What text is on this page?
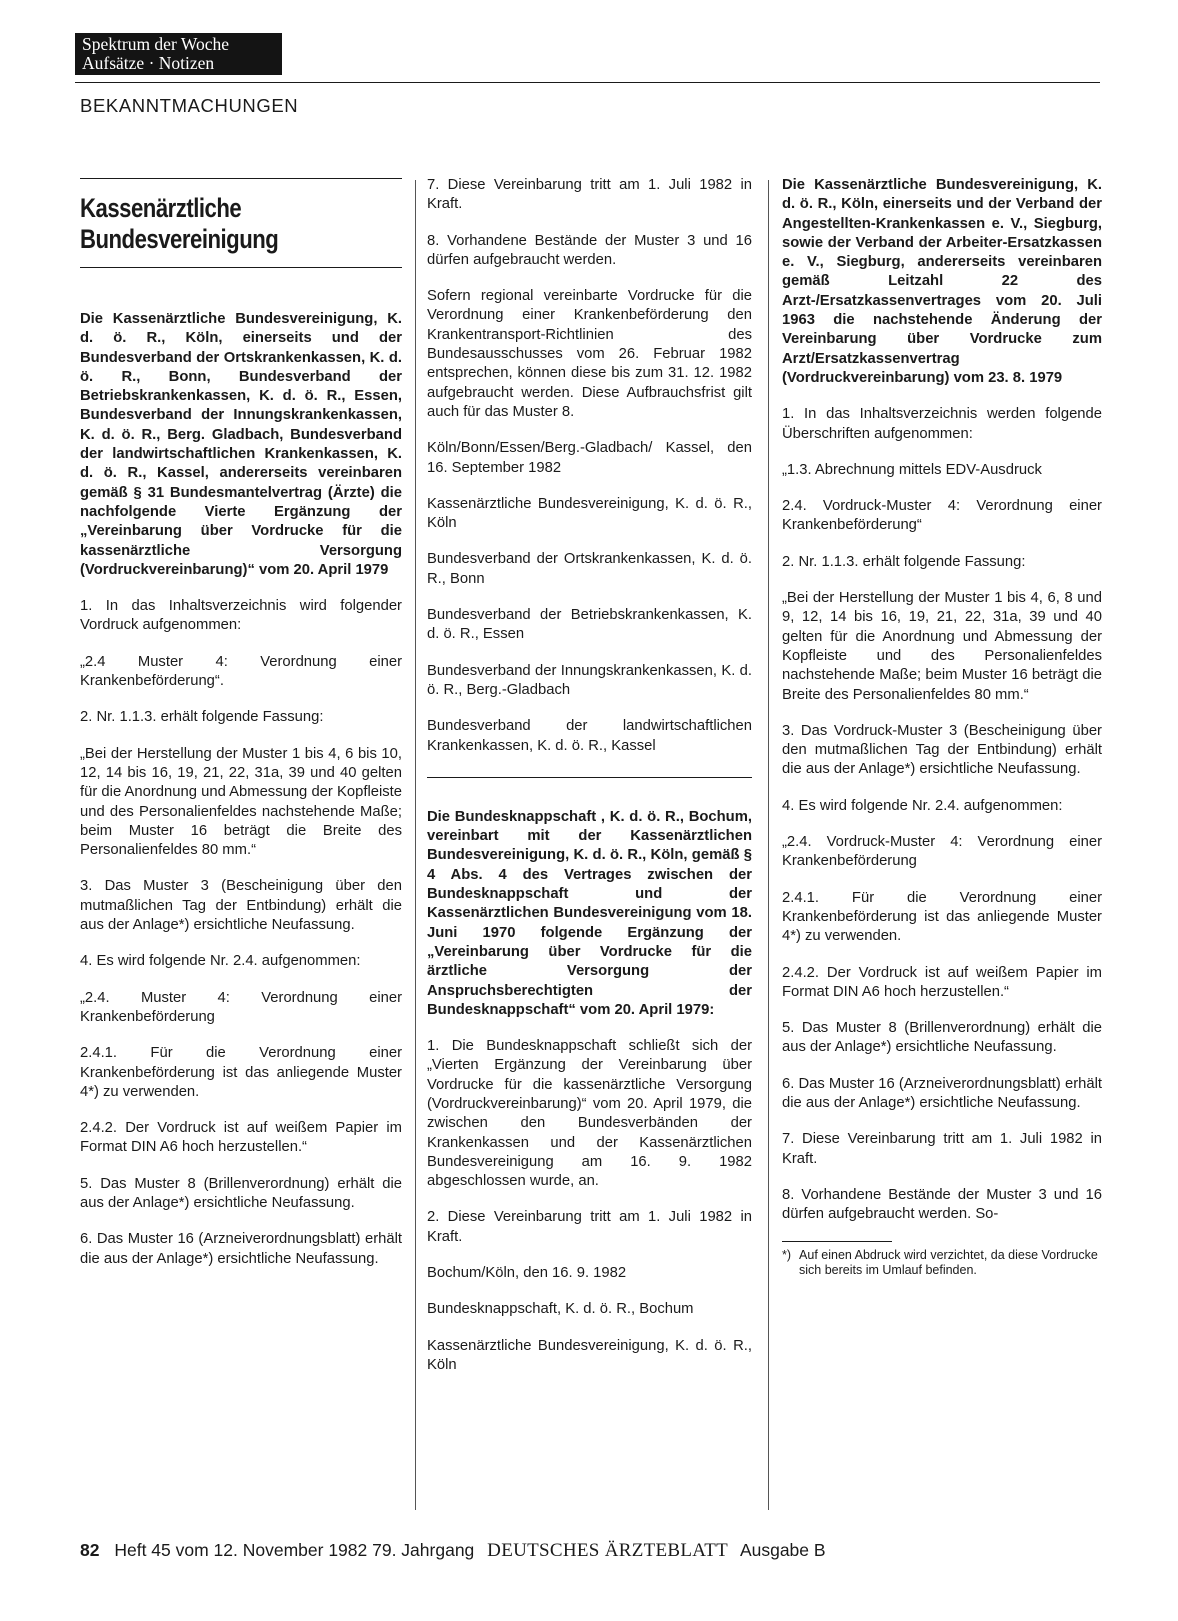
Spektrum der Woche
Aufsätze · Notizen
BEKANNTMACHUNGEN
Kassenärztliche
Bundesvereinigung
Die Kassenärztliche Bundesvereinigung, K. d. ö. R., Köln, einerseits und der Bundesverband der Ortskrankenkassen, K. d. ö. R., Bonn, Bundesverband der Betriebskrankenkassen, K. d. ö. R., Essen, Bundesverband der Innungskrankenkassen, K. d. ö. R., Berg. Gladbach, Bundesverband der landwirtschaftlichen Krankenkassen, K. d. ö. R., Kassel, andererseits vereinbaren gemäß § 31 Bundesmantelvertrag (Ärzte) die nachfolgende Vierte Ergänzung der „Vereinbarung über Vordrucke für die kassenärztliche Versorgung (Vordruckvereinbarung)“ vom 20. April 1979
1. In das Inhaltsverzeichnis wird folgender Vordruck aufgenommen:
„2.4 Muster 4: Verordnung einer Krankenbeförderung“.
2. Nr. 1.1.3. erhält folgende Fassung:
„Bei der Herstellung der Muster 1 bis 4, 6 bis 10, 12, 14 bis 16, 19, 21, 22, 31a, 39 und 40 gelten für die Anordnung und Abmessung der Kopfleiste und des Personalienfeldes nachstehende Maße; beim Muster 16 beträgt die Breite des Personalienfeldes 80 mm.“
3. Das Muster 3 (Bescheinigung über den mutmaßlichen Tag der Entbindung) erhält die aus der Anlage*) ersichtliche Neufassung.
4. Es wird folgende Nr. 2.4. aufgenommen:
„2.4. Muster 4: Verordnung einer Krankenbeförderung
2.4.1. Für die Verordnung einer Krankenbeförderung ist das anliegende Muster 4*) zu verwenden.
2.4.2. Der Vordruck ist auf weißem Papier im Format DIN A6 hoch herzustellen.“
5. Das Muster 8 (Brillenverordnung) erhält die aus der Anlage*) ersichtliche Neufassung.
6. Das Muster 16 (Arzneiverordnungsblatt) erhält die aus der Anlage*) ersichtliche Neufassung.
7. Diese Vereinbarung tritt am 1. Juli 1982 in Kraft.
8. Vorhandene Bestände der Muster 3 und 16 dürfen aufgebraucht werden.
Sofern regional vereinbarte Vordrucke für die Verordnung einer Krankenbeförderung den Krankentransport-Richtlinien des Bundesausschusses vom 26. Februar 1982 entsprechen, können diese bis zum 31. 12. 1982 aufgebraucht werden. Diese Aufbrauchsfrist gilt auch für das Muster 8.
Köln/Bonn/Essen/Berg.-Gladbach/ Kassel, den 16. September 1982
Kassenärztliche Bundesvereinigung, K. d. ö. R., Köln
Bundesverband der Ortskrankenkassen, K. d. ö. R., Bonn
Bundesverband der Betriebskrankenkassen, K. d. ö. R., Essen
Bundesverband der Innungskrankenkassen, K. d. ö. R., Berg.-Gladbach
Bundesverband der landwirtschaftlichen Krankenkassen, K. d. ö. R., Kassel
Die Bundesknappschaft , K. d. ö. R., Bochum, vereinbart mit der Kassenärztlichen Bundesvereinigung, K. d. ö. R., Köln, gemäß § 4 Abs. 4 des Vertrages zwischen der Bundesknappschaft und der Kassenärztlichen Bundesvereinigung vom 18. Juni 1970 folgende Ergänzung der „Vereinbarung über Vordrucke für die ärztliche Versorgung der Anspruchsberechtigten der Bundesknappschaft“ vom 20. April 1979:
1. Die Bundesknappschaft schließt sich der „Vierten Ergänzung der Vereinbarung über Vordrucke für die kassenärztliche Versorgung (Vordruckvereinbarung)“ vom 20. April 1979, die zwischen den Bundesverbänden der Krankenkassen und der Kassenärztlichen Bundesvereinigung am 16. 9. 1982 abgeschlossen wurde, an.
2. Diese Vereinbarung tritt am 1. Juli 1982 in Kraft.
Bochum/Köln, den 16. 9. 1982
Bundesknappschaft, K. d. ö. R., Bochum
Kassenärztliche Bundesvereinigung, K. d. ö. R., Köln
Die Kassenärztliche Bundesvereinigung, K. d. ö. R., Köln, einerseits und der Verband der Angestellten-Krankenkassen e. V., Siegburg, sowie der Verband der Arbeiter-Ersatzkassen e. V., Siegburg, andererseits vereinbaren gemäß Leitzahl 22 des Arzt-/Ersatzkassenvertrages vom 20. Juli 1963 die nachstehende Änderung der Vereinbarung über Vordrucke zum Arzt/Ersatzkassenvertrag (Vordruckvereinbarung) vom 23. 8. 1979
1. In das Inhaltsverzeichnis werden folgende Überschriften aufgenommen:
„1.3. Abrechnung mittels EDV-Ausdruck
2.4. Vordruck-Muster 4: Verordnung einer Krankenbeförderung“
2. Nr. 1.1.3. erhält folgende Fassung:
„Bei der Herstellung der Muster 1 bis 4, 6, 8 und 9, 12, 14 bis 16, 19, 21, 22, 31a, 39 und 40 gelten für die Anordnung und Abmessung der Kopfleiste und des Personalienfeldes nachstehende Maße; beim Muster 16 beträgt die Breite des Personalienfeldes 80 mm.“
3. Das Vordruck-Muster 3 (Bescheinigung über den mutmaßlichen Tag der Entbindung) erhält die aus der Anlage*) ersichtliche Neufassung.
4. Es wird folgende Nr. 2.4. aufgenommen:
„2.4. Vordruck-Muster 4: Verordnung einer Krankenbeförderung
2.4.1. Für die Verordnung einer Krankenbeförderung ist das anliegende Muster 4*) zu verwenden.
2.4.2. Der Vordruck ist auf weißem Papier im Format DIN A6 hoch herzustellen.“
5. Das Muster 8 (Brillenverordnung) erhält die aus der Anlage*) ersichtliche Neufassung.
6. Das Muster 16 (Arzneiverordnungsblatt) erhält die aus der Anlage*) ersichtliche Neufassung.
7. Diese Vereinbarung tritt am 1. Juli 1982 in Kraft.
8. Vorhandene Bestände der Muster 3 und 16 dürfen aufgebraucht werden. So-
*) Auf einen Abdruck wird verzichtet, da diese Vordrucke sich bereits im Umlauf befinden.
82 Heft 45 vom 12. November 1982 79. Jahrgang DEUTSCHES ÄRZTEBLATT Ausgabe B
